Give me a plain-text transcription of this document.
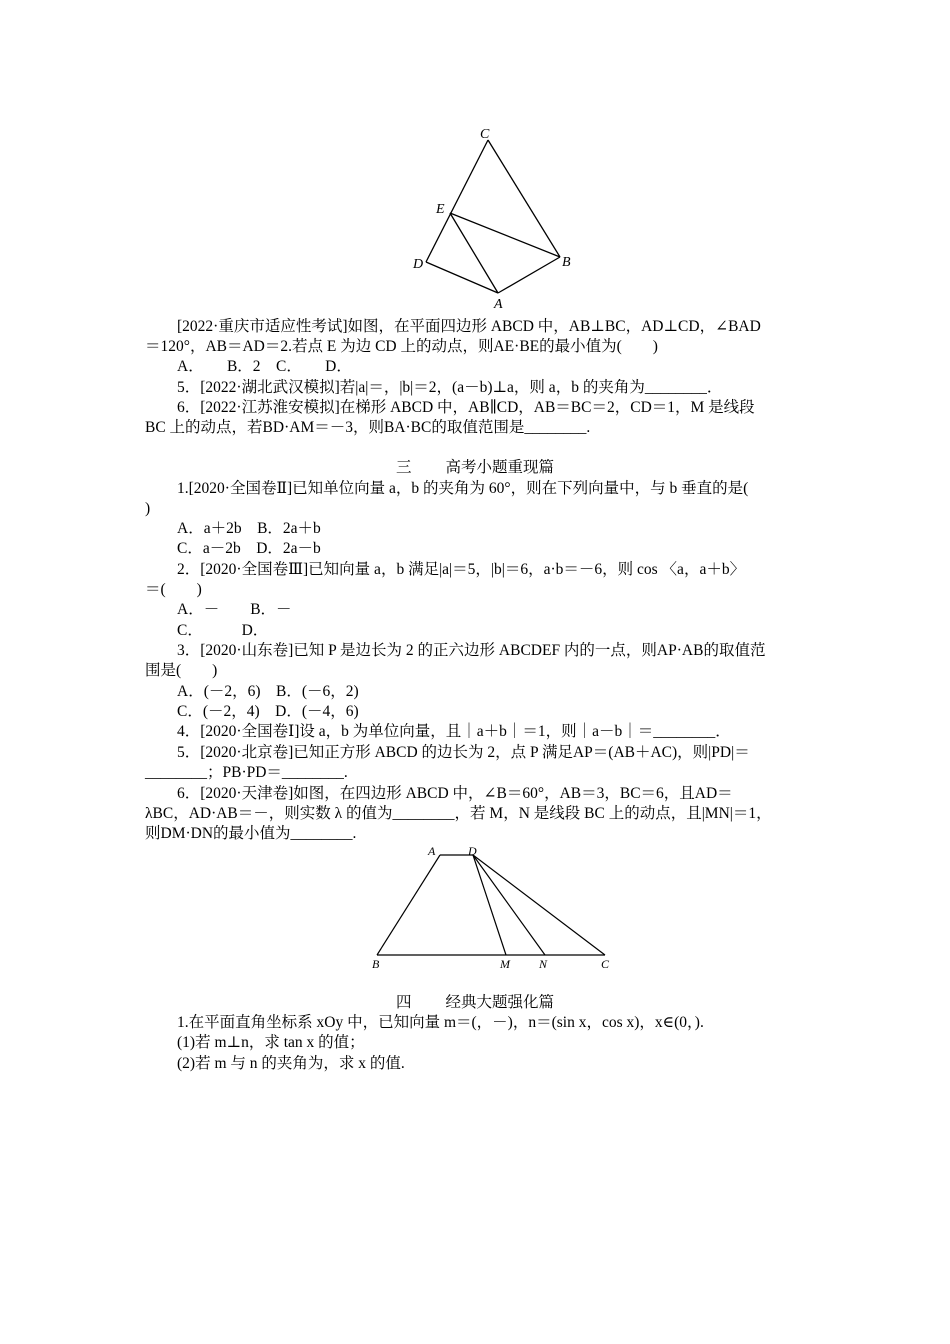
C
E
D	B
A
[2022·重庆市适应性考试]如图，在平面四边形 ABCD 中，AB⊥BC，AD⊥CD，∠BAD
＝120°，AB＝AD＝2.若点 E 为边 CD 上的动点，则AE·BE的最小值为(　　)
A．　　B．2　C．　　D．
5．[2022·湖北武汉模拟]若|a|＝，|b|＝2，(a－b)⊥a，则 a，b 的夹角为________．
6．[2022·江苏淮安模拟]在梯形 ABCD 中，AB∥CD，AB＝BC＝2，CD＝1，M 是线段
BC 上的动点，若BD·AM＝－3，则BA·BC的取值范围是________.
三 高考小题重现篇
1.[2020·全国卷Ⅱ]已知单位向量 a，b 的夹角为 60°，则在下列向量中，与 b 垂直的是(
)
A．a＋2b　B．2a＋b
C．a－2b　D．2a－b
2．[2020·全国卷Ⅲ]已知向量 a，b 满足|a|＝5，|b|＝6，a·b＝－6，则 cos 〈a，a＋b〉
＝(　　)
A．－　　B．－
C．　　　D．
3．[2020·山东卷]已知 P 是边长为 2 的正六边形 ABCDEF 内的一点，则AP·AB的取值范
围是(　　)
A．(－2，6)　B．(－6，2)
C．(－2，4)　D．(－4，6)
4．[2020·全国卷Ⅰ]设 a，b 为单位向量，且｜a＋b｜＝1，则｜a－b｜＝________．
5．[2020·北京卷]已知正方形 ABCD 的边长为 2，点 P 满足AP＝(AB＋AC)，则|PD|＝
________；PB·PD＝________.
6．[2020·天津卷]如图，在四边形 ABCD 中，∠B＝60°，AB＝3，BC＝6，且AD＝
λBC，AD·AB＝－，则实数 λ 的值为________，若 M，N 是线段 BC 上的动点，且|MN|＝1，
则DM·DN的最小值为________.
A	D
B	M N	C
四 经典大题强化篇
1.在平面直角坐标系 xOy 中，已知向量 m＝(，－)，n＝(sin x，cos x)，x∈(0，).
(1)若 m⊥n，求 tan x 的值；
(2)若 m 与 n 的夹角为，求 x 的值.
